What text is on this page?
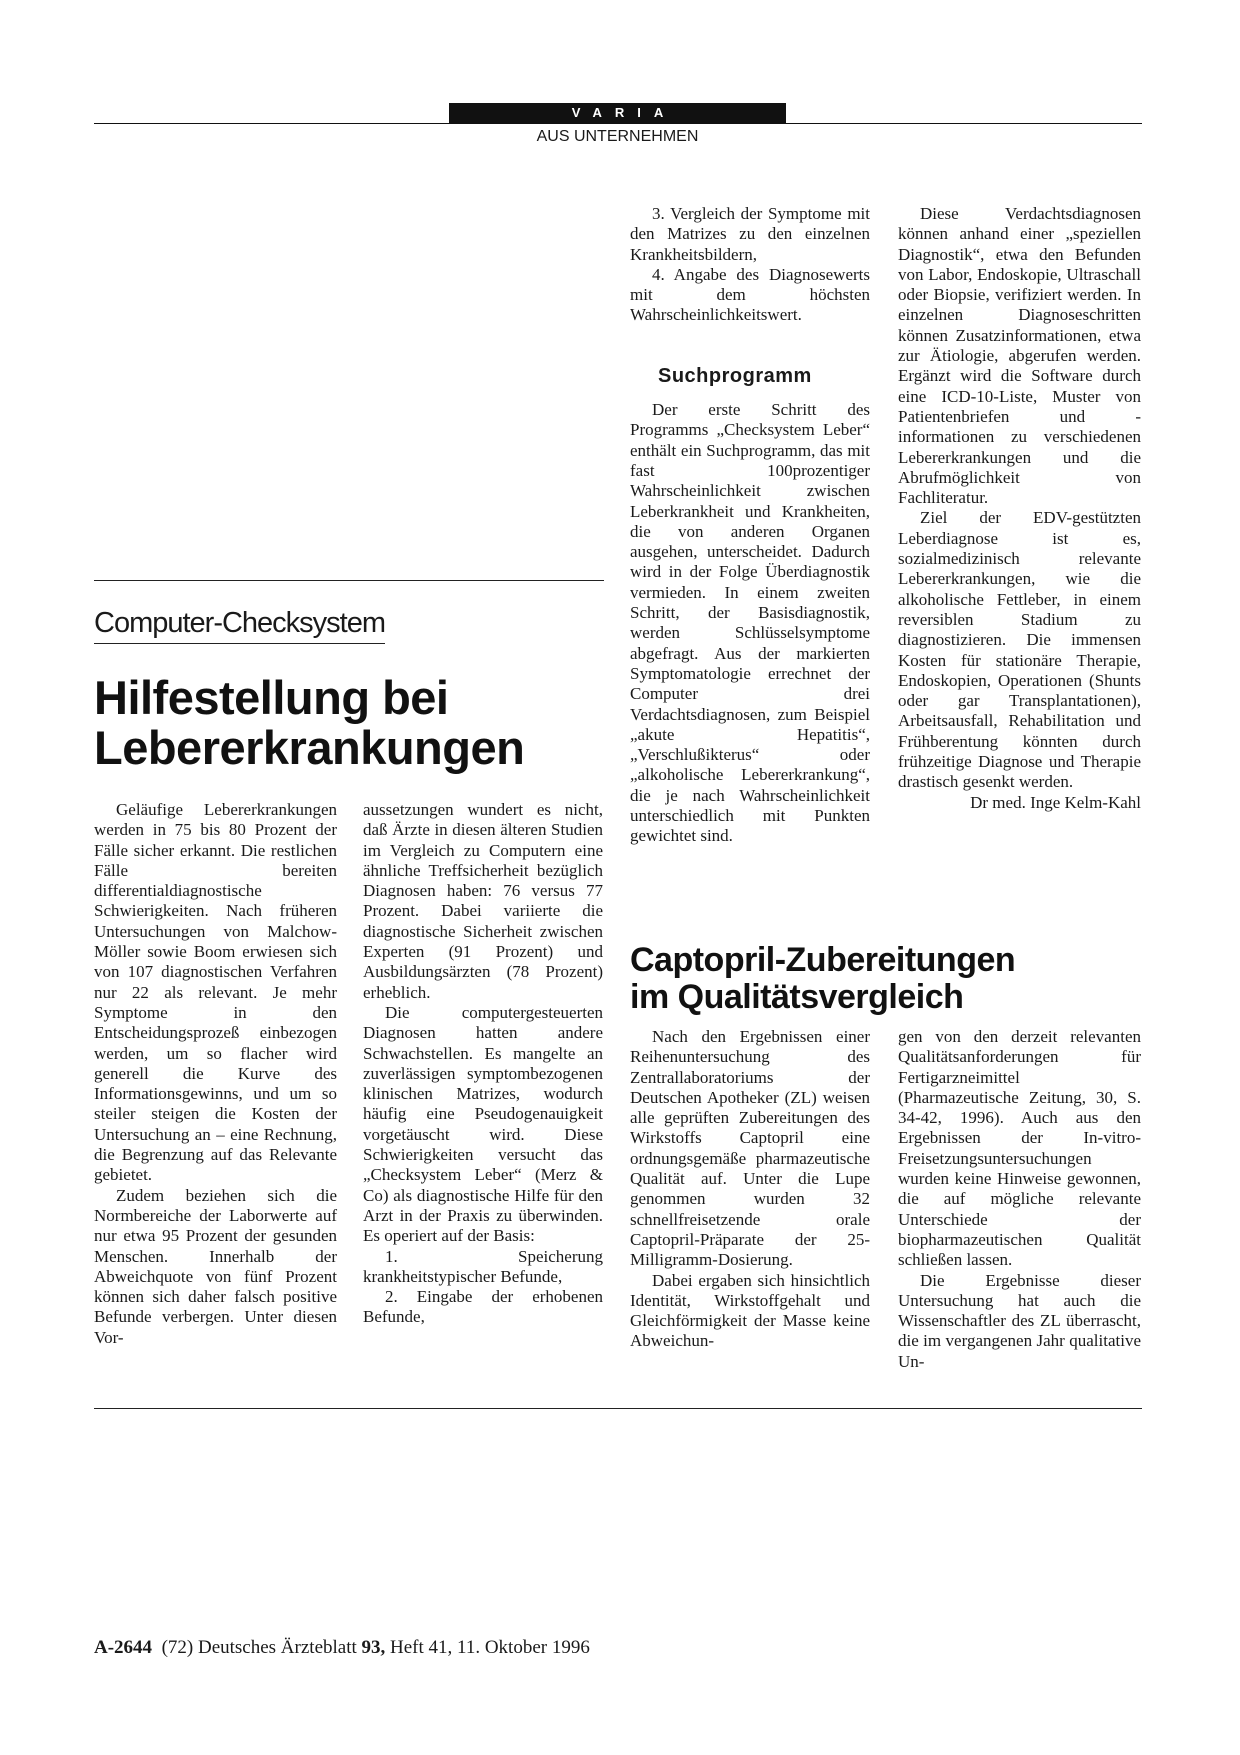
VARIA
AUS UNTERNEHMEN
Computer-Checksystem
Hilfestellung bei
Lebererkrankungen

Geläufige Lebererkrankungen werden in 75 bis 80 Prozent der Fälle sicher erkannt. Die restlichen Fälle bereiten differentialdiagnostische Schwierigkeiten. Nach früheren Untersuchungen von Malchow-Möller sowie Boom erwiesen sich von 107 diagnostischen Verfahren nur 22 als relevant. Je mehr Symptome in den Entscheidungsprozeß einbezogen werden, um so flacher wird generell die Kurve des Informationsgewinns, und um so steiler steigen die Kosten der Untersuchung an – eine Rechnung, die Begrenzung auf das Relevante gebietet.

Zudem beziehen sich die Normbereiche der Laborwerte auf nur etwa 95 Prozent der gesunden Menschen. Innerhalb der Abweichquote von fünf Prozent können sich daher falsch positive Befunde verbergen. Unter diesen Vor-

aussetzungen wundert es nicht, daß Ärzte in diesen älteren Studien im Vergleich zu Computern eine ähnliche Treffsicherheit bezüglich Diagnosen haben: 76 versus 77 Prozent. Dabei variierte die diagnostische Sicherheit zwischen Experten (91 Prozent) und Ausbildungsärzten (78 Prozent) erheblich.

Die computergesteuerten Diagnosen hatten andere Schwachstellen. Es mangelte an zuverlässigen symptombezogenen klinischen Matrizes, wodurch häufig eine Pseudogenauigkeit vorgetäuscht wird. Diese Schwierigkeiten versucht das „Checksystem Leber“ (Merz & Co) als diagnostische Hilfe für den Arzt in der Praxis zu überwinden. Es operiert auf der Basis:

1. Speicherung krankheitstypischer Befunde,

2. Eingabe der erhobenen Befunde,

3. Vergleich der Symptome mit den Matrizes zu den einzelnen Krankheitsbildern,

4. Angabe des Diagnosewerts mit dem höchsten Wahrscheinlichkeitswert.

Suchprogramm

Der erste Schritt des Programms „Checksystem Leber“ enthält ein Suchprogramm, das mit fast 100prozentiger Wahrscheinlichkeit zwischen Leberkrankheit und Krankheiten, die von anderen Organen ausgehen, unterscheidet. Dadurch wird in der Folge Überdiagnostik vermieden. In einem zweiten Schritt, der Basisdiagnostik, werden Schlüsselsymptome abgefragt. Aus der markierten Symptomatologie errechnet der Computer drei Verdachtsdiagnosen, zum Beispiel „akute Hepatitis“, „Verschlußikterus“ oder „alkoholische Lebererkrankung“, die je nach Wahrscheinlichkeit unterschiedlich mit Punkten gewichtet sind.

Diese Verdachtsdiagnosen können anhand einer „speziellen Diagnostik“, etwa den Befunden von Labor, Endoskopie, Ultraschall oder Biopsie, verifiziert werden. In einzelnen Diagnoseschritten können Zusatzinformationen, etwa zur Ätiologie, abgerufen werden. Ergänzt wird die Software durch eine ICD-10-Liste, Muster von Patientenbriefen und -informationen zu verschiedenen Lebererkrankungen und die Abrufmöglichkeit von Fachliteratur.

Ziel der EDV-gestützten Leberdiagnose ist es, sozialmedizinisch relevante Lebererkrankungen, wie die alkoholische Fettleber, in einem reversiblen Stadium zu diagnostizieren. Die immensen Kosten für stationäre Therapie, Endoskopien, Operationen (Shunts oder gar Transplantationen), Arbeitsausfall, Rehabilitation und Frühberentung könnten durch frühzeitige Diagnose und Therapie drastisch gesenkt werden.

Dr med. Inge Kelm-Kahl
Captopril-Zubereitungen
im Qualitätsvergleich

Nach den Ergebnissen einer Reihenuntersuchung des Zentrallaboratoriums der Deutschen Apotheker (ZL) weisen alle geprüften Zubereitungen des Wirkstoffs Captopril eine ordnungsgemäße pharmazeutische Qualität auf. Unter die Lupe genommen wurden 32 schnellfreisetzende orale Captopril-Präparate der 25-Milligramm-Dosierung.

Dabei ergaben sich hinsichtlich Identität, Wirkstoffgehalt und Gleichförmigkeit der Masse keine Abweichun-

gen von den derzeit relevanten Qualitätsanforderungen für Fertigarzneimittel (Pharmazeutische Zeitung, 30, S. 34-42, 1996). Auch aus den Ergebnissen der In-vitro-Freisetzungsuntersuchungen wurden keine Hinweise gewonnen, die auf mögliche relevante Unterschiede der biopharmazeutischen Qualität schließen lassen.

Die Ergebnisse dieser Untersuchung hat auch die Wissenschaftler des ZL überrascht, die im vergangenen Jahr qualitative Un-

A-2644 (72) Deutsches Ärzteblatt 93, Heft 41, 11. Oktober 1996
